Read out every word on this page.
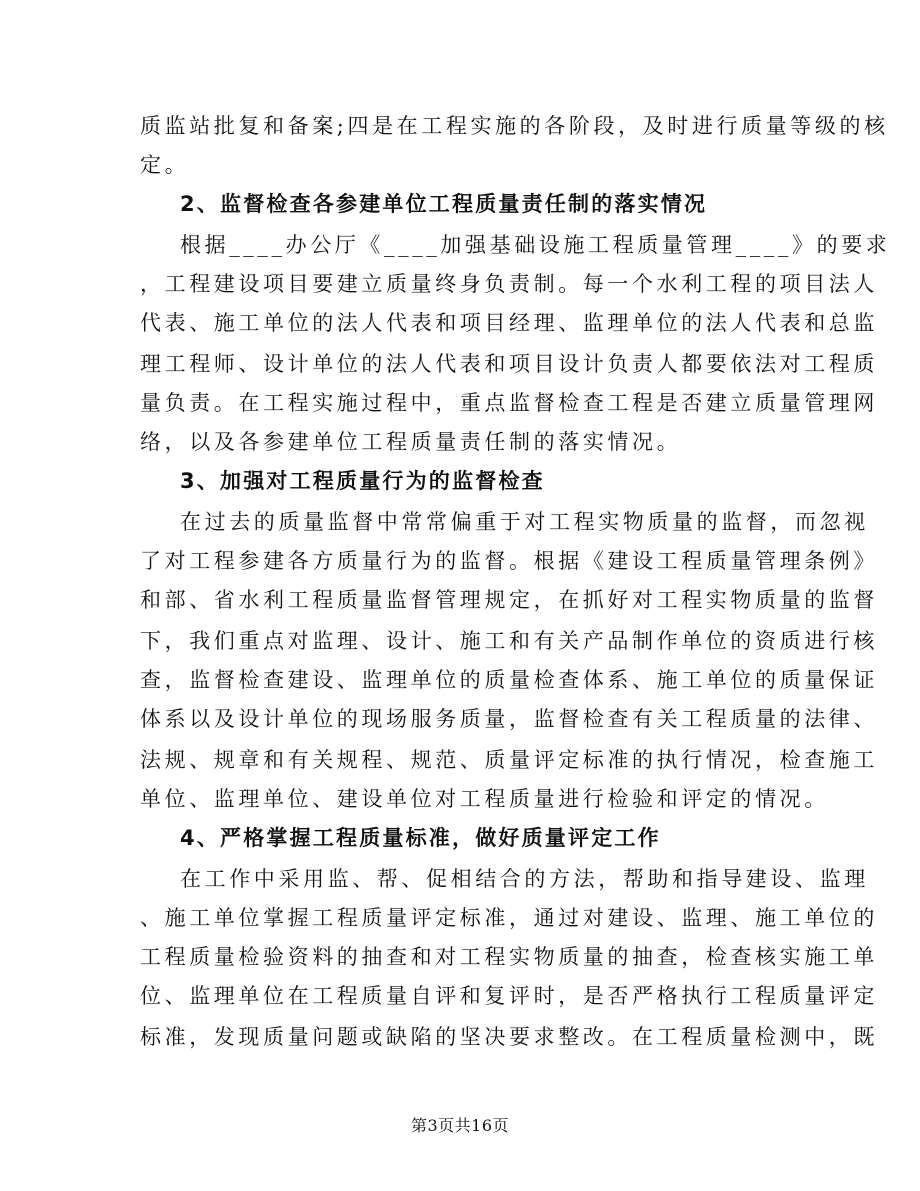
质监站批复和备案;四是在工程实施的各阶段，及时进行质量等级的核
定。
2、监督检查各参建单位工程质量责任制的落实情况
根据____办公厅《____加强基础设施工程质量管理____》的要求
，工程建设项目要建立质量终身负责制。每一个水利工程的项目法人
代表、施工单位的法人代表和项目经理、监理单位的法人代表和总监
理工程师、设计单位的法人代表和项目设计负责人都要依法对工程质
量负责。在工程实施过程中，重点监督检查工程是否建立质量管理网
络，以及各参建单位工程质量责任制的落实情况。
3、加强对工程质量行为的监督检查
在过去的质量监督中常常偏重于对工程实物质量的监督，而忽视
了对工程参建各方质量行为的监督。根据《建设工程质量管理条例》
和部、省水利工程质量监督管理规定，在抓好对工程实物质量的监督
下，我们重点对监理、设计、施工和有关产品制作单位的资质进行核
查，监督检查建设、监理单位的质量检查体系、施工单位的质量保证
体系以及设计单位的现场服务质量，监督检查有关工程质量的法律、
法规、规章和有关规程、规范、质量评定标准的执行情况，检查施工
单位、监理单位、建设单位对工程质量进行检验和评定的情况。
4、严格掌握工程质量标准，做好质量评定工作
在工作中采用监、帮、促相结合的方法，帮助和指导建设、监理
、施工单位掌握工程质量评定标准，通过对建设、监理、施工单位的
工程质量检验资料的抽查和对工程实物质量的抽查，检查核实施工单
位、监理单位在工程质量自评和复评时，是否严格执行工程质量评定
标准，发现质量问题或缺陷的坚决要求整改。在工程质量检测中，既
第3页共16页
